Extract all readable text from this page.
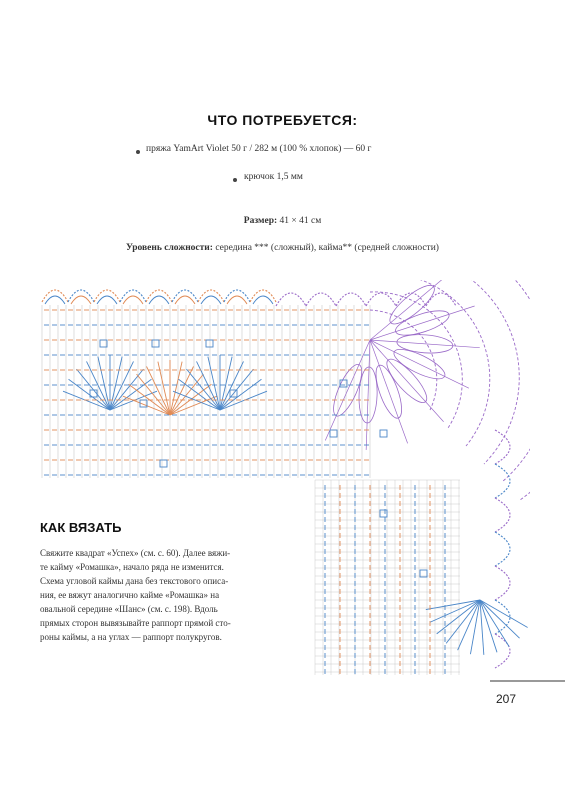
ЧТО ПОТРЕБУЕТСЯ:
пряжа YamArt Violet 50 г / 282 м (100 % хлопок) — 60 г
крючок 1,5 мм
Размер: 41 × 41 см
Уровень сложности: середина *** (сложный), кайма** (средней сложности)
КАК ВЯЗАТЬ
Свяжите квадрат «Успех» (см. с. 60). Далее вяжи-
те кайму «Ромашка», начало ряда не изменится.
Схема угловой каймы дана без текстового описа-
ния, ее вяжут аналогично кайме «Ромашка» на
овальной середине «Шанс» (см. с. 198). Вдоль
прямых сторон вывязывайте раппорт прямой сто-
роны каймы, а на углах — раппорт полукругов.
207
